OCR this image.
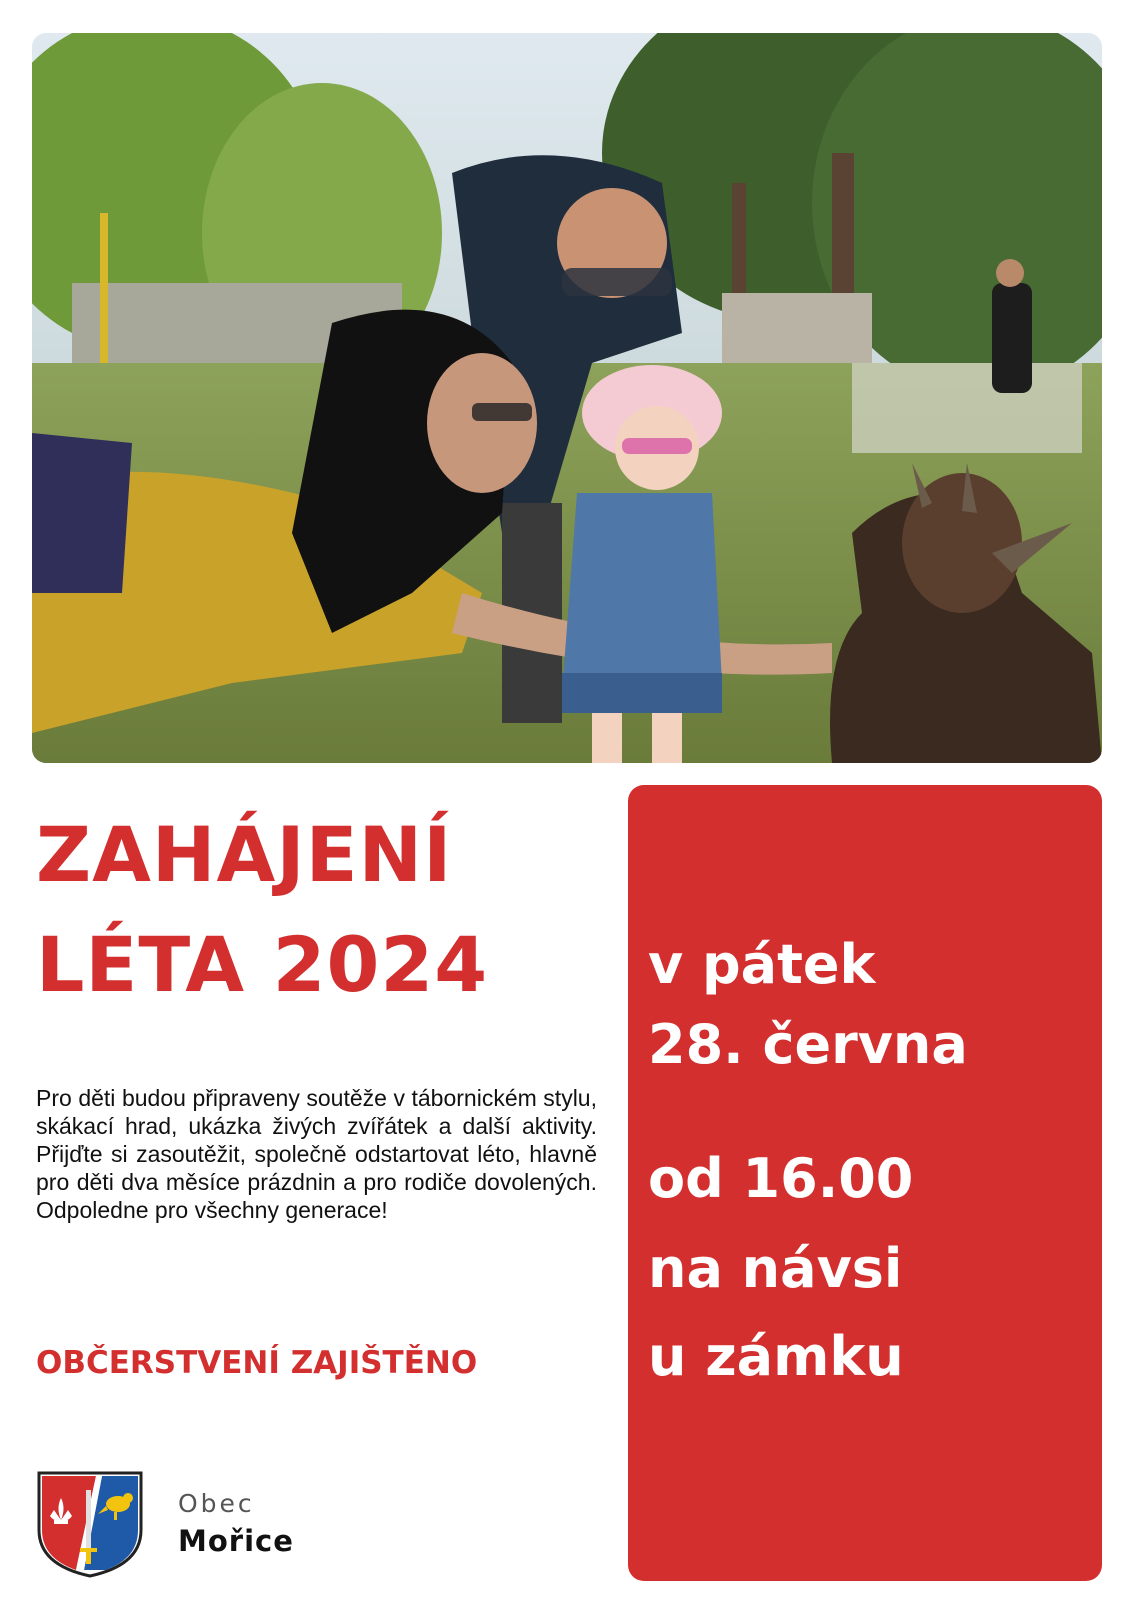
ZAHÁJENÍ
LÉTA 2024

Pro děti budou připraveny soutěže v tábornickém stylu, skákací hrad, ukázka živých zvířátek a další aktivity. Přijďte si zasoutěžit, společně odstartovat léto, hlavně pro děti dva měsíce prázdnin a pro rodiče dovolených. Odpoledne pro všechny generace!

OBČERSTVENÍ ZAJIŠTĚNO

Obec
Mořice
v pátek
28. června
od 16.00
na návsi
u zámku
